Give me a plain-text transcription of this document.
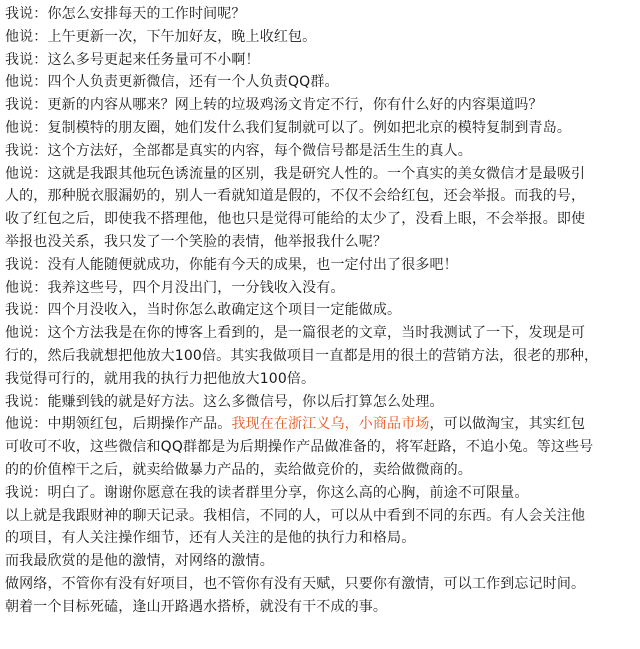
我说：你怎么安排每天的工作时间呢？

他说：上午更新一次，下午加好友，晚上收红包。

我说：这么多号更起来任务量可不小啊！

他说：四个人负责更新微信，还有一个人负责QQ群。

我说：更新的内容从哪来？网上转的垃圾鸡汤文肯定不行，你有什么好的内容渠道吗？

他说：复制模特的朋友圈，她们发什么我们复制就可以了。例如把北京的模特复制到青岛。

我说：这个方法好，全部都是真实的内容，每个微信号都是活生生的真人。

他说：这就是我跟其他玩色诱流量的区别，我是研究人性的。一个真实的美女微信才是最吸引

人的，那种脱衣服漏奶的，别人一看就知道是假的，不仅不会给红包，还会举报。而我的号，

收了红包之后，即使我不搭理他，他也只是觉得可能给的太少了，没看上眼，不会举报。即使

举报也没关系，我只发了一个笑脸的表情，他举报我什么呢？

我说：没有人能随便就成功，你能有今天的成果，也一定付出了很多吧！

他说：我养这些号，四个月没出门，一分钱收入没有。

我说：四个月没收入，当时你怎么敢确定这个项目一定能做成。

他说：这个方法我是在你的博客上看到的，是一篇很老的文章，当时我测试了一下，发现是可

行的，然后我就想把他放大100倍。其实我做项目一直都是用的很土的营销方法，很老的那种，

我觉得可行的，就用我的执行力把他放大100倍。

我说：能赚到钱的就是好方法。这么多微信号，你以后打算怎么处理。

他说：中期领红包，后期操作产品。我现在在浙江义乌，小商品市场，可以做淘宝，其实红包

可收可不收，这些微信和QQ群都是为后期操作产品做准备的，将军赶路，不追小兔。等这些号

的的价值榨干之后，就卖给做暴力产品的，卖给做竞价的，卖给做微商的。

我说：明白了。谢谢你愿意在我的读者群里分享，你这么高的心胸，前途不可限量。

以上就是我跟财神的聊天记录。我相信，不同的人，可以从中看到不同的东西。有人会关注他

的项目，有人关注操作细节，还有人关注的是他的执行力和格局。

而我最欣赏的是他的激情，对网络的激情。

做网络，不管你有没有好项目，也不管你有没有天赋，只要你有激情，可以工作到忘记时间。

朝着一个目标死磕，逢山开路遇水搭桥，就没有干不成的事。
